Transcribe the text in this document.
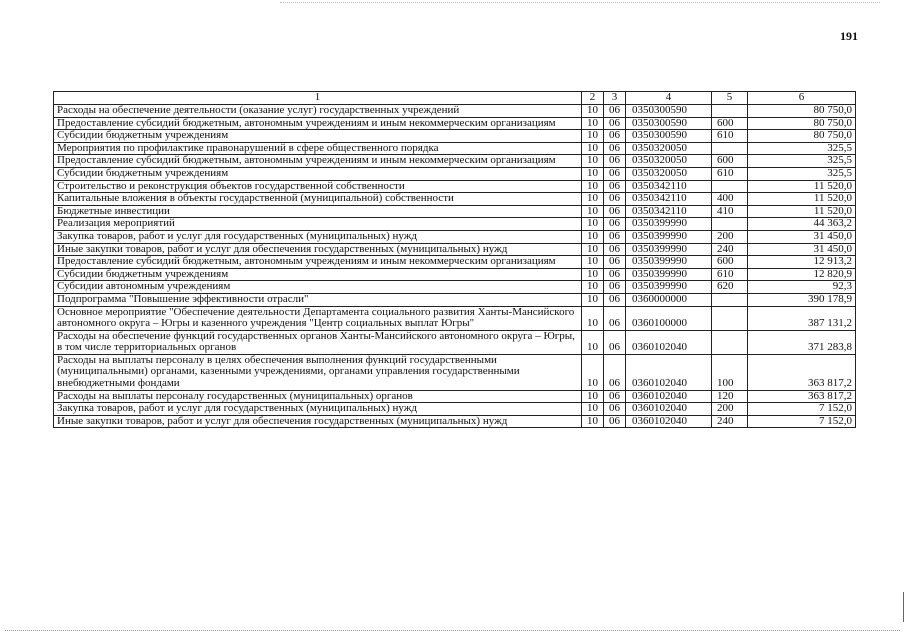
191
1	2	3	4	5	6
Расходы на обеспечение деятельности (оказание услуг) государственных учреждений	10	06	0350300590		80 750,0
Предоставление субсидий бюджетным, автономным учреждениям и иным некоммерческим организациям	10	06	0350300590	600	80 750,0
Субсидии бюджетным учреждениям	10	06	0350300590	610	80 750,0
Мероприятия по профилактике правонарушений в сфере общественного порядка	10	06	0350320050		325,5
Предоставление субсидий бюджетным, автономным учреждениям и иным некоммерческим организациям	10	06	0350320050	600	325,5
Субсидии бюджетным учреждениям	10	06	0350320050	610	325,5
Строительство и реконструкция объектов государственной собственности	10	06	0350342110		11 520,0
Капитальные вложения в объекты государственной (муниципальной) собственности	10	06	0350342110	400	11 520,0
Бюджетные инвестиции	10	06	0350342110	410	11 520,0
Реализация мероприятий	10	06	0350399990		44 363,2
Закупка товаров, работ и услуг для государственных (муниципальных) нужд	10	06	0350399990	200	31 450,0
Иные закупки товаров, работ и услуг для обеспечения государственных (муниципальных) нужд	10	06	0350399990	240	31 450,0
Предоставление субсидий бюджетным, автономным учреждениям и иным некоммерческим организациям	10	06	0350399990	600	12 913,2
Субсидии бюджетным учреждениям	10	06	0350399990	610	12 820,9
Субсидии автономным учреждениям	10	06	0350399990	620	92,3
Подпрограмма "Повышение эффективности отрасли"	10	06	0360000000		390 178,9
Основное мероприятие "Обеспечение деятельности Департамента социального развития Ханты-Мансийского автономного округа – Югры и казенного учреждения "Центр социальных выплат Югры"	10	06	0360100000		387 131,2
Расходы на обеспечение функций государственных органов Ханты-Мансийского автономного округа – Югры, в том числе территориальных органов	10	06	0360102040		371 283,8
Расходы на выплаты персоналу в целях обеспечения выполнения функций государственными (муниципальными) органами, казенными учреждениями, органами управления государственными внебюджетными фондами	10	06	0360102040	100	363 817,2
Расходы на выплаты персоналу государственных (муниципальных) органов	10	06	0360102040	120	363 817,2
Закупка товаров, работ и услуг для государственных (муниципальных) нужд	10	06	0360102040	200	7 152,0
Иные закупки товаров, работ и услуг для обеспечения государственных (муниципальных) нужд	10	06	0360102040	240	7 152,0
